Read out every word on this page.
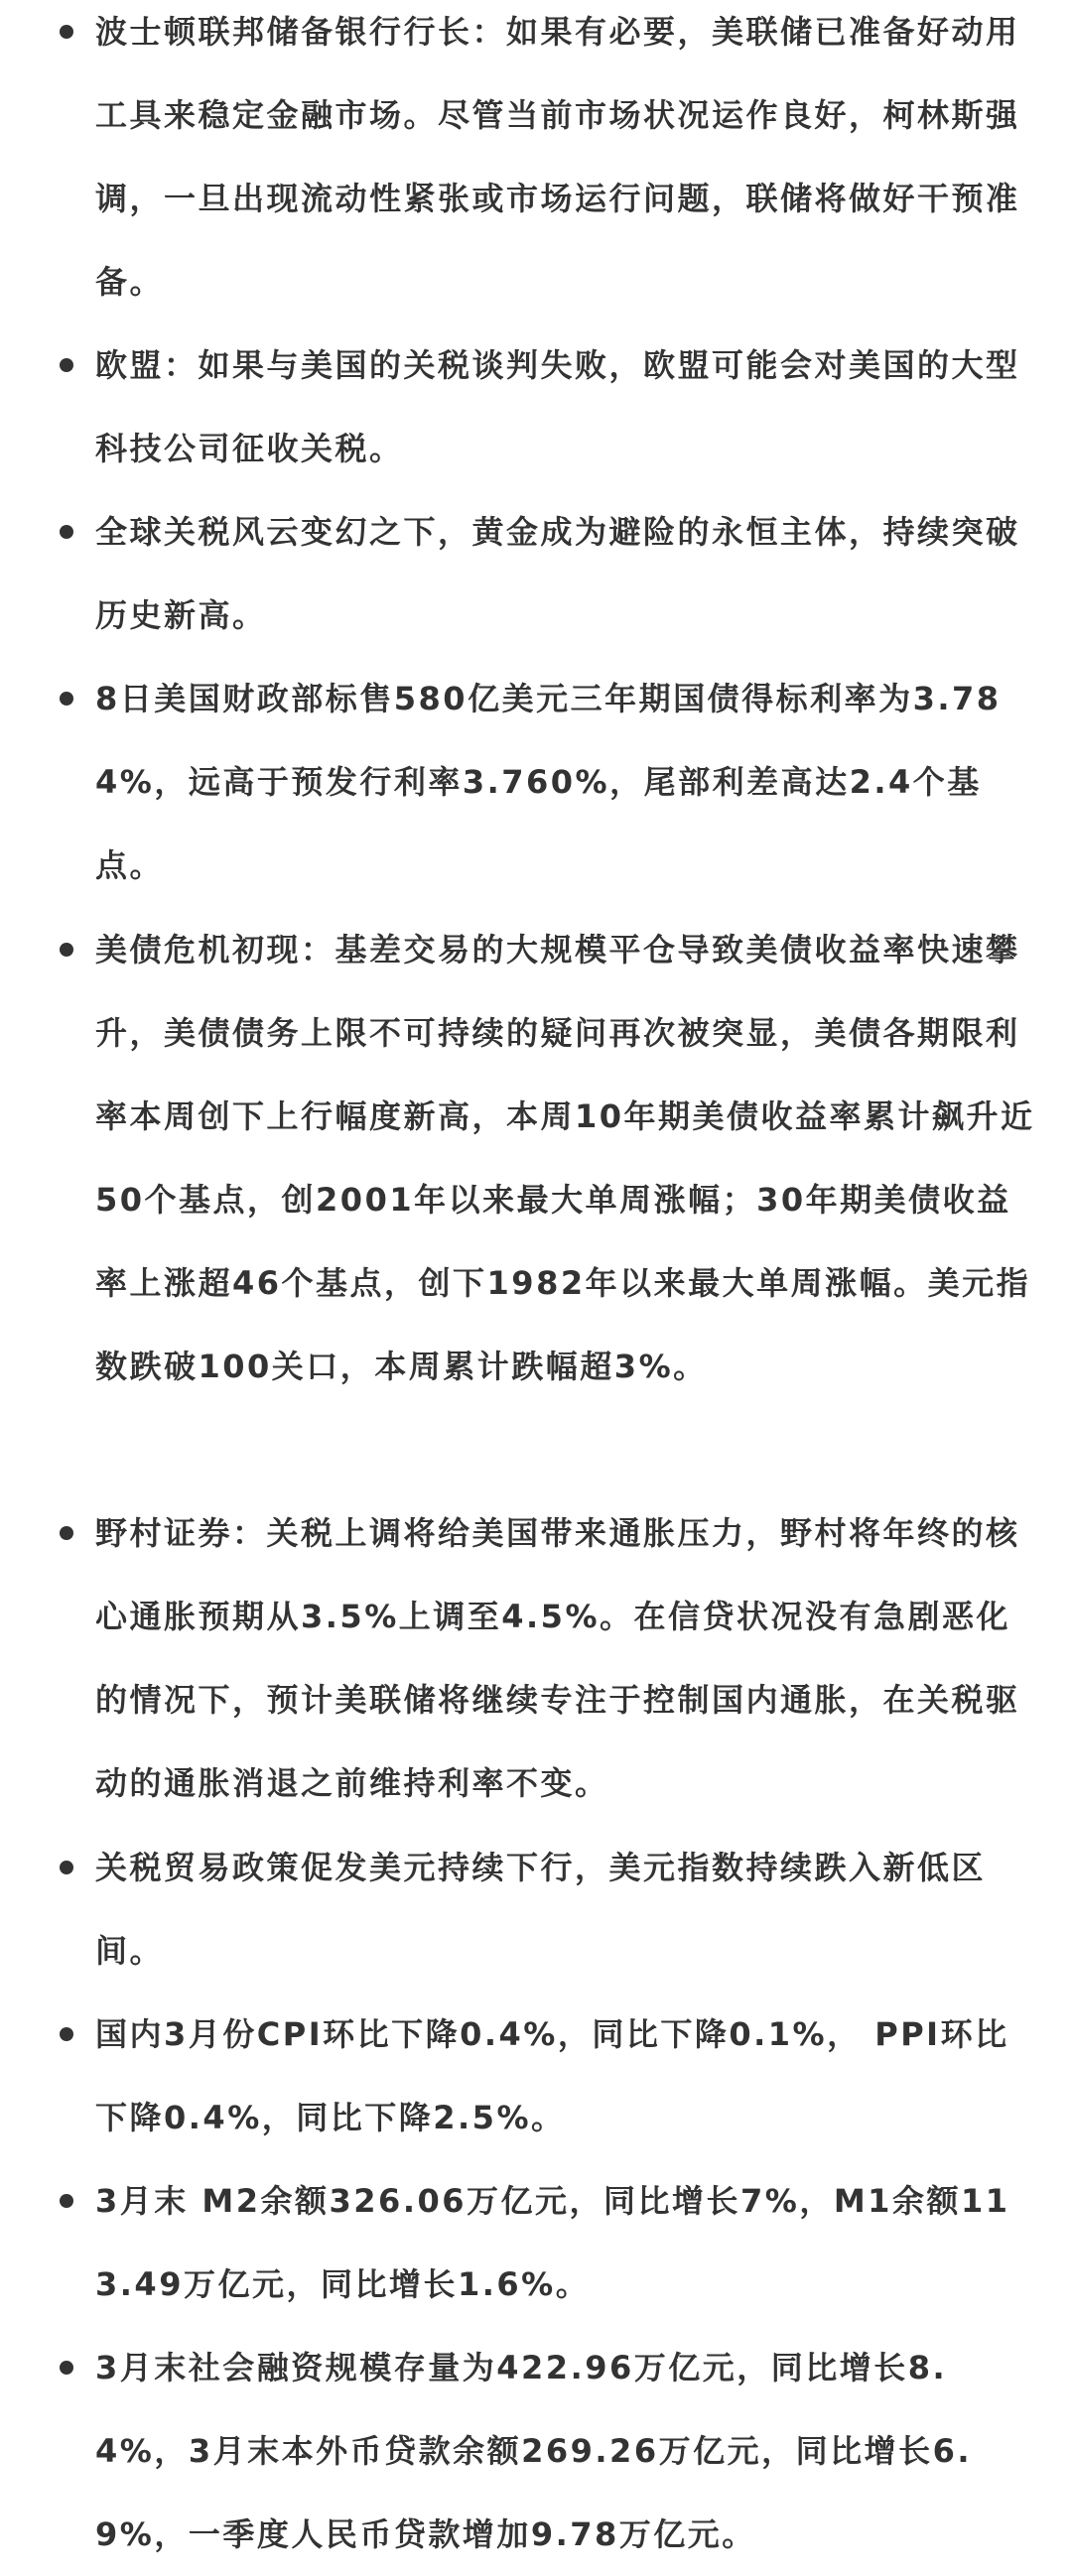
波士顿联邦储备银行行长：如果有必要，美联储已准备好动用工具来稳定金融市场。尽管当前市场状况运作良好，柯林斯强调，一旦出现流动性紧张或市场运行问题，联储将做好干预准备。
欧盟：如果与美国的关税谈判失败，欧盟可能会对美国的大型科技公司征收关税。
全球关税风云变幻之下，黄金成为避险的永恒主体，持续突破历史新高。
8日美国财政部标售580亿美元三年期国债得标利率为3.784%，远高于预发行利率3.760%，尾部利差高达2.4个基点。
美债危机初现：基差交易的大规模平仓导致美债收益率快速攀升，美债债务上限不可持续的疑问再次被突显，美债各期限利率本周创下上行幅度新高，本周10年期美债收益率累计飙升近50个基点，创2001年以来最大单周涨幅；30年期美债收益率上涨超46个基点，创下1982年以来最大单周涨幅。美元指数跌破100关口，本周累计跌幅超3%。
野村证券：关税上调将给美国带来通胀压力，野村将年终的核心通胀预期从3.5%上调至4.5%。在信贷状况没有急剧恶化的情况下，预计美联储将继续专注于控制国内通胀，在关税驱动的通胀消退之前维持利率不变。
关税贸易政策促发美元持续下行，美元指数持续跌入新低区间。
国内3月份CPI环比下降0.4%，同比下降0.1%， PPI环比下降0.4%，同比下降2.5%。
3月末 M2余额326.06万亿元，同比增长7%，M1余额113.49万亿元，同比增长1.6%。
3月末社会融资规模存量为422.96万亿元，同比增长8.4%，3月末本外币贷款余额269.26万亿元，同比增长6.9%，一季度人民币贷款增加9.78万亿元。
